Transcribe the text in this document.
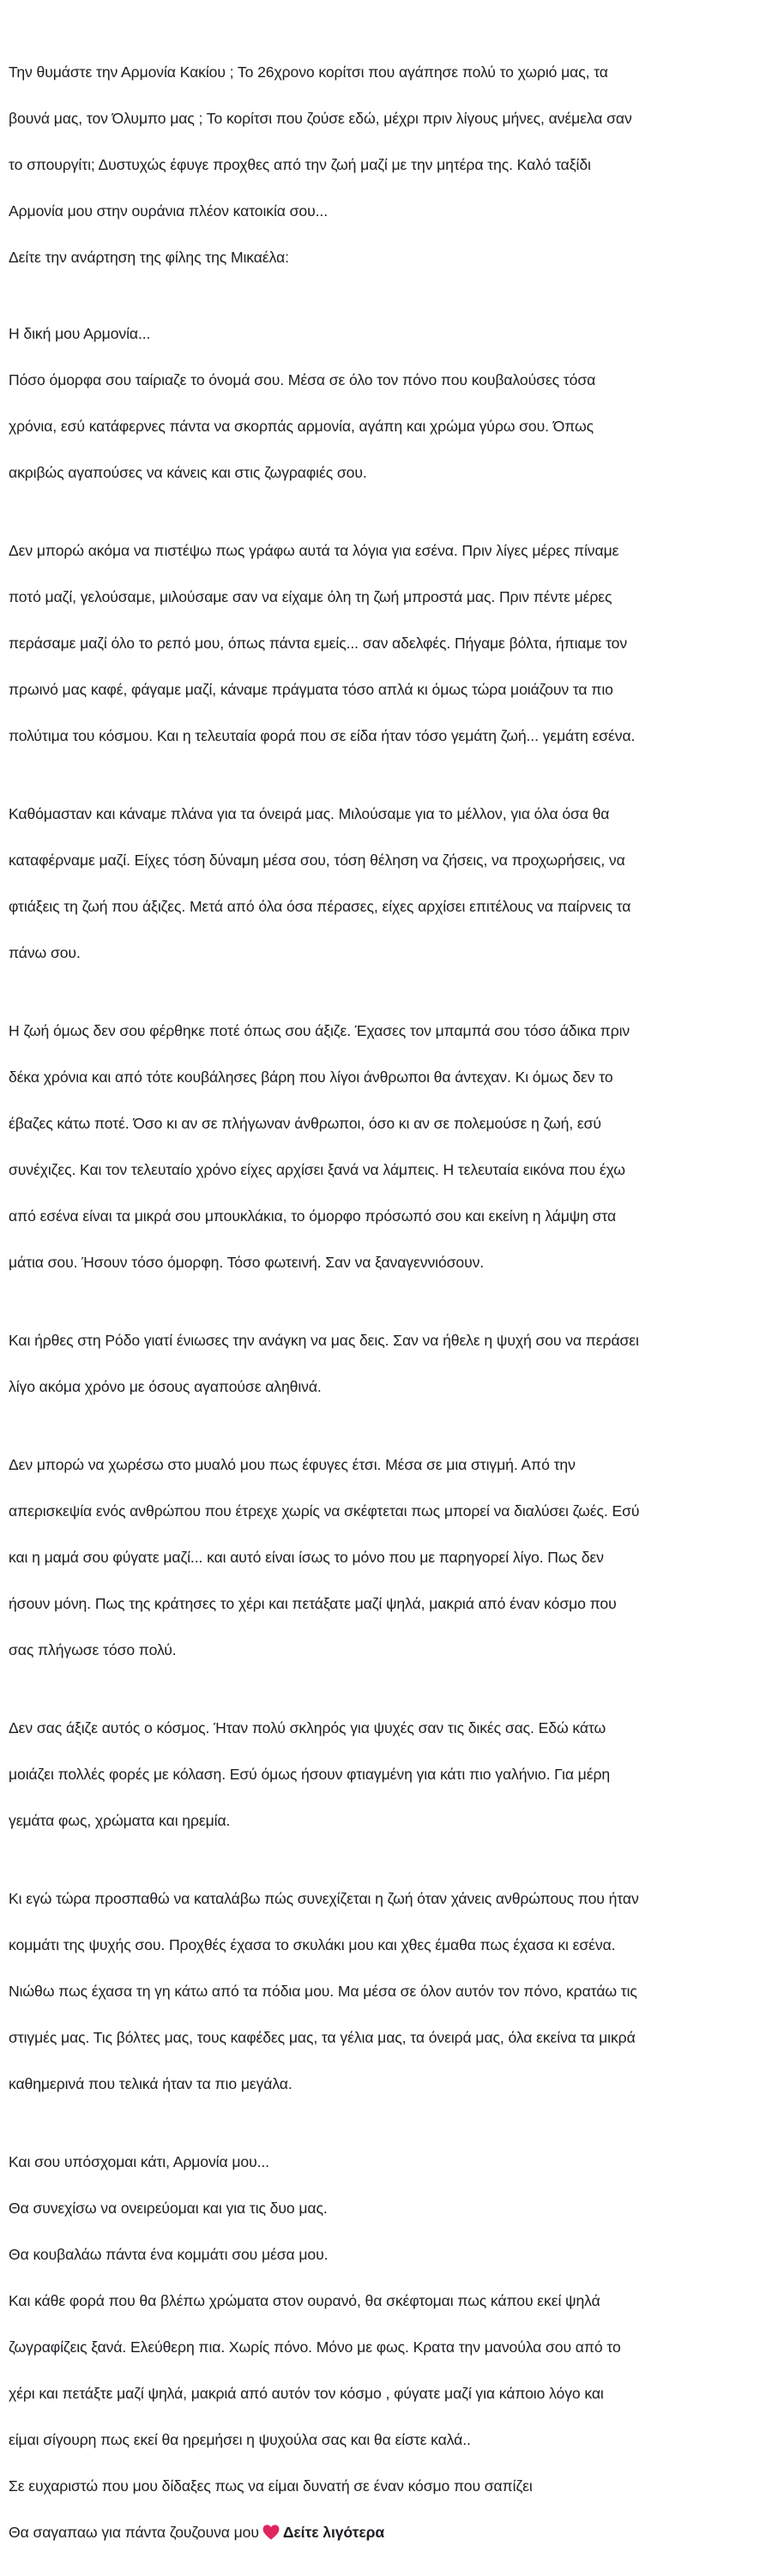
Την θυμάστε την Αρμονία Κακίου ; Το 26χρονο κορίτσι που αγάπησε πολύ το χωριό μας, τα

βουνά μας, τον Όλυμπο μας ; Το κορίτσι που ζούσε εδώ, μέχρι πριν λίγους μήνες, ανέμελα σαν

το σπουργίτι; Δυστυχώς έφυγε προχθες από την ζωή μαζί με την μητέρα της. Καλό ταξίδι

Αρμονία μου στην ουράνια πλέον κατοικία σου...

Δείτε την ανάρτηση της φίλης της Μικαέλα:

Η δική μου Αρμονία...

Πόσο όμορφα σου ταίριαζε το όνομά σου. Μέσα σε όλο τον πόνο που κουβαλούσες τόσα

χρόνια, εσύ κατάφερνες πάντα να σκορπάς αρμονία, αγάπη και χρώμα γύρω σου. Όπως

ακριβώς αγαπούσες να κάνεις και στις ζωγραφιές σου.

Δεν μπορώ ακόμα να πιστέψω πως γράφω αυτά τα λόγια για εσένα. Πριν λίγες μέρες πίναμε

ποτό μαζί, γελούσαμε, μιλούσαμε σαν να είχαμε όλη τη ζωή μπροστά μας. Πριν πέντε μέρες

περάσαμε μαζί όλο το ρεπό μου, όπως πάντα εμείς... σαν αδελφές. Πήγαμε βόλτα, ήπιαμε τον

πρωινό μας καφέ, φάγαμε μαζί, κάναμε πράγματα τόσο απλά κι όμως τώρα μοιάζουν τα πιο

πολύτιμα του κόσμου. Και η τελευταία φορά που σε είδα ήταν τόσο γεμάτη ζωή... γεμάτη εσένα.

Καθόμασταν και κάναμε πλάνα για τα όνειρά μας. Μιλούσαμε για το μέλλον, για όλα όσα θα

καταφέρναμε μαζί. Είχες τόση δύναμη μέσα σου, τόση θέληση να ζήσεις, να προχωρήσεις, να

φτιάξεις τη ζωή που άξιζες. Μετά από όλα όσα πέρασες, είχες αρχίσει επιτέλους να παίρνεις τα

πάνω σου.

Η ζωή όμως δεν σου φέρθηκε ποτέ όπως σου άξιζε. Έχασες τον μπαμπά σου τόσο άδικα πριν

δέκα χρόνια και από τότε κουβάλησες βάρη που λίγοι άνθρωποι θα άντεχαν. Κι όμως δεν το

έβαζες κάτω ποτέ. Όσο κι αν σε πλήγωναν άνθρωποι, όσο κι αν σε πολεμούσε η ζωή, εσύ

συνέχιζες. Και τον τελευταίο χρόνο είχες αρχίσει ξανά να λάμπεις. Η τελευταία εικόνα που έχω

από εσένα είναι τα μικρά σου μπουκλάκια, το όμορφο πρόσωπό σου και εκείνη η λάμψη στα

μάτια σου. Ήσουν τόσο όμορφη. Τόσο φωτεινή. Σαν να ξαναγεννιόσουν.

Και ήρθες στη Ρόδο γιατί ένιωσες την ανάγκη να μας δεις. Σαν να ήθελε η ψυχή σου να περάσει

λίγο ακόμα χρόνο με όσους αγαπούσε αληθινά.

Δεν μπορώ να χωρέσω στο μυαλό μου πως έφυγες έτσι. Μέσα σε μια στιγμή. Από την

απερισκεψία ενός ανθρώπου που έτρεχε χωρίς να σκέφτεται πως μπορεί να διαλύσει ζωές. Εσύ

και η μαμά σου φύγατε μαζί... και αυτό είναι ίσως το μόνο που με παρηγορεί λίγο. Πως δεν

ήσουν μόνη. Πως της κράτησες το χέρι και πετάξατε μαζί ψηλά, μακριά από έναν κόσμο που

σας πλήγωσε τόσο πολύ.

Δεν σας άξιζε αυτός ο κόσμος. Ήταν πολύ σκληρός για ψυχές σαν τις δικές σας. Εδώ κάτω

μοιάζει πολλές φορές με κόλαση. Εσύ όμως ήσουν φτιαγμένη για κάτι πιο γαλήνιο. Για μέρη

γεμάτα φως, χρώματα και ηρεμία.

Κι εγώ τώρα προσπαθώ να καταλάβω πώς συνεχίζεται η ζωή όταν χάνεις ανθρώπους που ήταν

κομμάτι της ψυχής σου. Προχθές έχασα το σκυλάκι μου και χθες έμαθα πως έχασα κι εσένα.

Νιώθω πως έχασα τη γη κάτω από τα πόδια μου. Μα μέσα σε όλον αυτόν τον πόνο, κρατάω τις

στιγμές μας. Τις βόλτες μας, τους καφέδες μας, τα γέλια μας, τα όνειρά μας, όλα εκείνα τα μικρά

καθημερινά που τελικά ήταν τα πιο μεγάλα.

Και σου υπόσχομαι κάτι, Αρμονία μου...

Θα συνεχίσω να ονειρεύομαι και για τις δυο μας.

Θα κουβαλάω πάντα ένα κομμάτι σου μέσα μου.

Και κάθε φορά που θα βλέπω χρώματα στον ουρανό, θα σκέφτομαι πως κάπου εκεί ψηλά

ζωγραφίζεις ξανά. Ελεύθερη πια. Χωρίς πόνο. Μόνο με φως. Κρατα την μανούλα σου από το

χέρι και πετάξτε μαζί ψηλά, μακριά από αυτόν τον κόσμο , φύγατε μαζί για κάποιο λόγο και

είμαι σίγουρη πως εκεί θα ηρεμήσει η ψυχούλα σας και θα είστε καλά..

Σε ευχαριστώ που μου δίδαξες πως να είμαι δυνατή σε έναν κόσμο που σαπίζει

Θα σαγαπαω για πάντα ζουζουνα μου Δείτε λιγότερα
